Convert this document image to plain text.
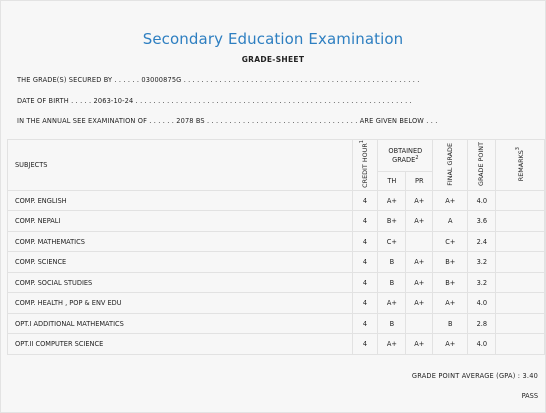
Secondary Education Examination
GRADE-SHEET
THE GRADE(S) SECURED BY . . . . . . 03000875G . . . . . . . . . . . . . . . . . . . . . . . . . . . . . . . . . . . . . . . . . . . . . . . . . . . . .
DATE OF BIRTH . . . . . 2063-10-24 . . . . . . . . . . . . . . . . . . . . . . . . . . . . . . . . . . . . . . . . . . . . . . . . . . . . . . . . . . . . . .
IN THE ANNUAL SEE EXAMINATION OF . . . . . . 2078 BS . . . . . . . . . . . . . . . . . . . . . . . . . . . . . . . . . . ARE GIVEN BELOW . . .
SUBJECTS	CREDIT HOUR$^1$	OBTAINED GRADE$^2$		FINAL GRADE	GRADE POINT	REMARKS$^3$
		TH	PR			
COMP. ENGLISH	4	A+	A+	A+	4.0	
COMP. NEPALI	4	B+	A+	A	3.6	
COMP. MATHEMATICS	4	C+		C+	2.4	
COMP. SCIENCE	4	B	A+	B+	3.2	
COMP. SOCIAL STUDIES	4	B	A+	B+	3.2	
COMP. HEALTH , POP & ENV EDU	4	A+	A+	A+	4.0	
OPT.I ADDITIONAL MATHEMATICS	4	B		B	2.8	
OPT.II COMPUTER SCIENCE	4	A+	A+	A+	4.0	
GRADE POINT AVERAGE (GPA) : 3.40
PASS
